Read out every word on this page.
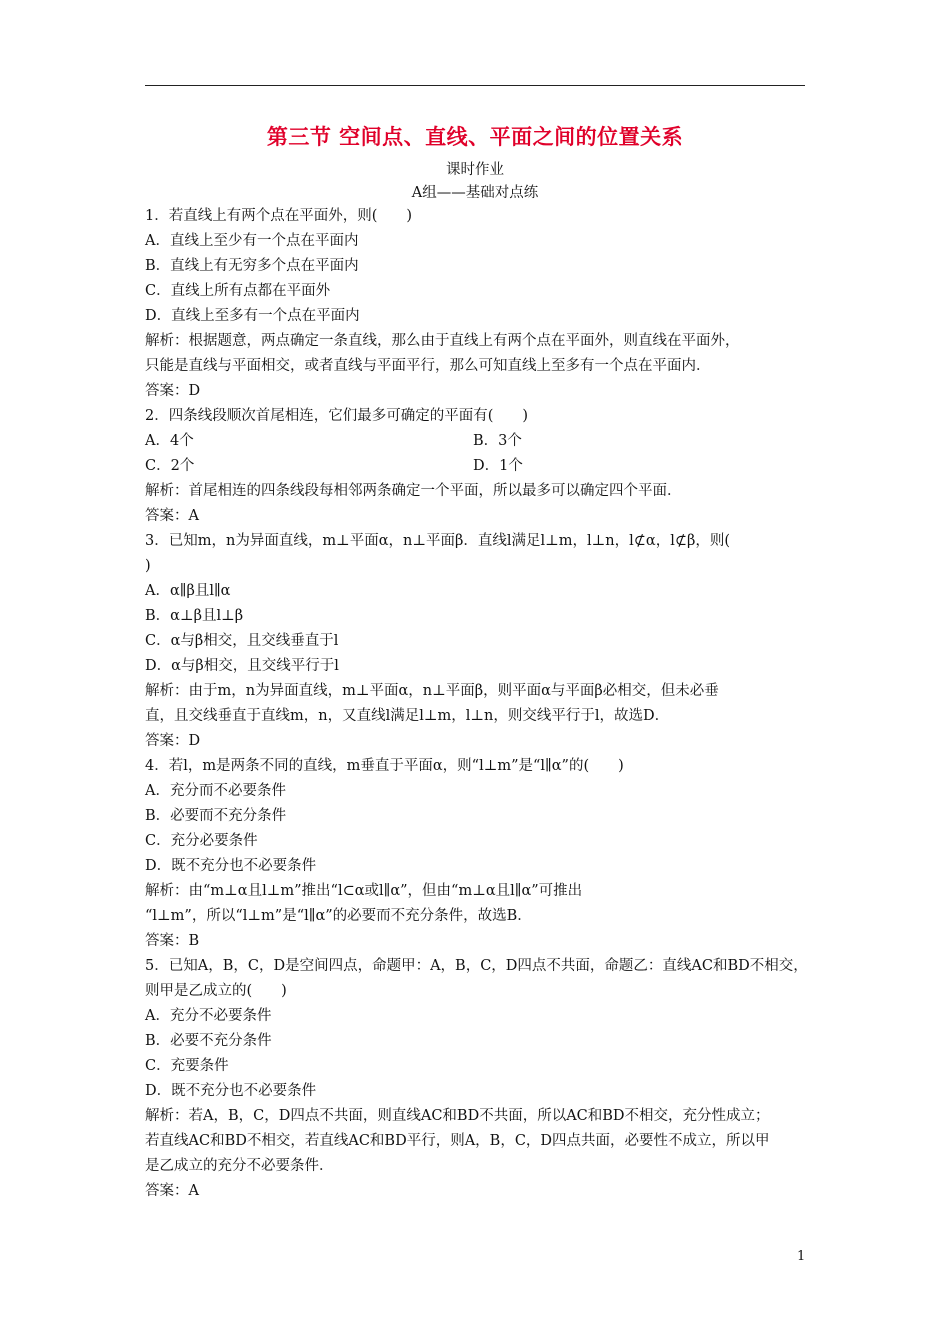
第三节 空间点、直线、平面之间的位置关系
课时作业
A组——基础对点练
1．若直线上有两个点在平面外，则(　　)
A．直线上至少有一个点在平面内
B．直线上有无穷多个点在平面内
C．直线上所有点都在平面外
D．直线上至多有一个点在平面内
解析：根据题意，两点确定一条直线，那么由于直线上有两个点在平面外，则直线在平面外，
只能是直线与平面相交，或者直线与平面平行，那么可知直线上至多有一个点在平面内．
答案：D
2．四条线段顺次首尾相连，它们最多可确定的平面有(　　)
A．4个	B．3个
C．2个	D．1个
解析：首尾相连的四条线段每相邻两条确定一个平面，所以最多可以确定四个平面．
答案：A
3．已知m，n为异面直线，m⊥平面α，n⊥平面β．直线l满足l⊥m，l⊥n，l⊄α，l⊄β，则(
)
A．α∥β且l∥α
B．α⊥β且l⊥β
C．α与β相交，且交线垂直于l
D．α与β相交，且交线平行于l
解析：由于m，n为异面直线，m⊥平面α，n⊥平面β，则平面α与平面β必相交，但未必垂
直，且交线垂直于直线m，n，又直线l满足l⊥m，l⊥n，则交线平行于l，故选D．
答案：D
4．若l，m是两条不同的直线，m垂直于平面α，则“l⊥m”是“l∥α”的(　　)
A．充分而不必要条件
B．必要而不充分条件
C．充分必要条件
D．既不充分也不必要条件
解析：由“m⊥α且l⊥m”推出“l⊂α或l∥α”，但由“m⊥α且l∥α”可推出
“l⊥m”，所以“l⊥m”是“l∥α”的必要而不充分条件，故选B．
答案：B
5．已知A，B，C，D是空间四点，命题甲：A，B，C，D四点不共面，命题乙：直线AC和BD不相交，
则甲是乙成立的(　　)
A．充分不必要条件
B．必要不充分条件
C．充要条件
D．既不充分也不必要条件
解析：若A，B，C，D四点不共面，则直线AC和BD不共面，所以AC和BD不相交，充分性成立；
若直线AC和BD不相交，若直线AC和BD平行，则A，B，C，D四点共面，必要性不成立，所以甲
是乙成立的充分不必要条件．
答案：A
1
